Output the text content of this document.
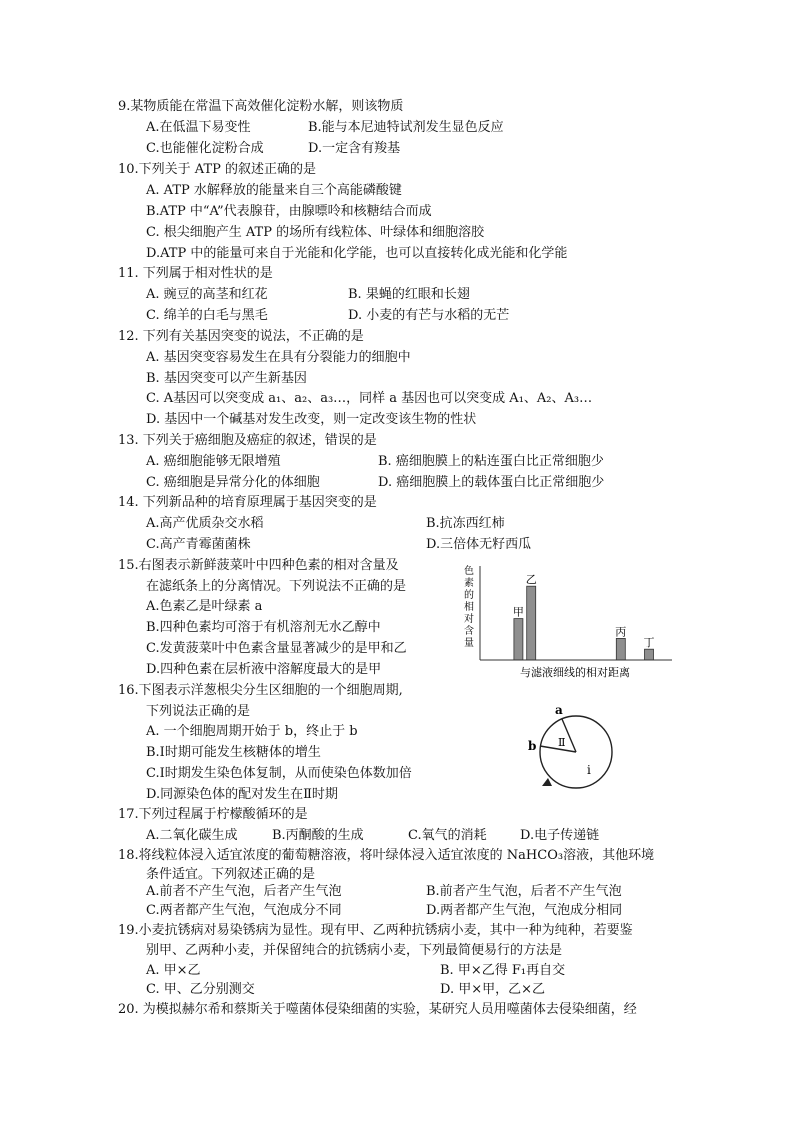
9.某物质能在常温下高效催化淀粉水解，则该物质
A.在低温下易变性	B.能与本尼迪特试剂发生显色反应
C.也能催化淀粉合成	D.一定含有羧基
10.下列关于 ATP 的叙述正确的是
A. ATP 水解释放的能量来自三个高能磷酸键
B.ATP 中“A”代表腺苷，由腺嘌呤和核糖结合而成
C. 根尖细胞产生 ATP 的场所有线粒体、叶绿体和细胞溶胶
D.ATP 中的能量可来自于光能和化学能，也可以直接转化成光能和化学能
11. 下列属于相对性状的是
A. 豌豆的高茎和红花	B. 果蝇的红眼和长翅
C. 绵羊的白毛与黑毛	D. 小麦的有芒与水稻的无芒
12. 下列有关基因突变的说法，不正确的是
A. 基因突变容易发生在具有分裂能力的细胞中
B. 基因突变可以产生新基因
C. A基因可以突变成 a₁、a₂、a₃…，同样 a 基因也可以突变成 A₁、A₂、A₃…
D. 基因中一个碱基对发生改变，则一定改变该生物的性状
13. 下列关于癌细胞及癌症的叙述，错误的是
A. 癌细胞能够无限增殖	B. 癌细胞膜上的粘连蛋白比正常细胞少
C. 癌细胞是异常分化的体细胞	D. 癌细胞膜上的载体蛋白比正常细胞少
14. 下列新品种的培育原理属于基因突变的是
A.高产优质杂交水稻	B.抗冻西红柿
C.高产青霉菌菌株	D.三倍体无籽西瓜
15.右图表示新鲜菠菜叶中四种色素的相对含量及
在滤纸条上的分离情况。下列说法不正确的是
A.色素乙是叶绿素 a
B.四种色素均可溶于有机溶剂无水乙醇中
C.发黄菠菜叶中色素含量显著减少的是甲和乙
D.四种色素在层析液中溶解度最大的是甲
色素的相对含量
甲
乙
丙
丁
与滤液细线的相对距离
16.下图表示洋葱根尖分生区细胞的一个细胞周期,
下列说法正确的是
A. 一个细胞周期开始于 b，终止于 b
B.Ⅰ时期可能发生核糖体的增生
C.Ⅰ时期发生染色体复制，从而使染色体数加倍
D.同源染色体的配对发生在Ⅱ时期
a
b Ⅱ
ⅰ
17.下列过程属于柠檬酸循环的是
A.二氧化碳生成	B.丙酮酸的生成	C.氧气的消耗	D.电子传递链
18.将线粒体浸入适宜浓度的葡萄糖溶液，将叶绿体浸入适宜浓度的 NaHCO₃溶液，其他环境
条件适宜。下列叙述正确的是
A.前者不产生气泡，后者产生气泡	B.前者产生气泡，后者不产生气泡
C.两者都产生气泡，气泡成分不同	D.两者都产生气泡，气泡成分相同
19.小麦抗锈病对易染锈病为显性。现有甲、乙两种抗锈病小麦，其中一种为纯种，若要鉴
别甲、乙两种小麦，并保留纯合的抗锈病小麦，下列最简便易行的方法是
A. 甲×乙	B. 甲×乙得 F₁再自交
C. 甲、乙分别测交	D. 甲×甲，乙×乙
20. 为模拟赫尔希和蔡斯关于噬菌体侵染细菌的实验，某研究人员用噬菌体去侵染细菌，经
